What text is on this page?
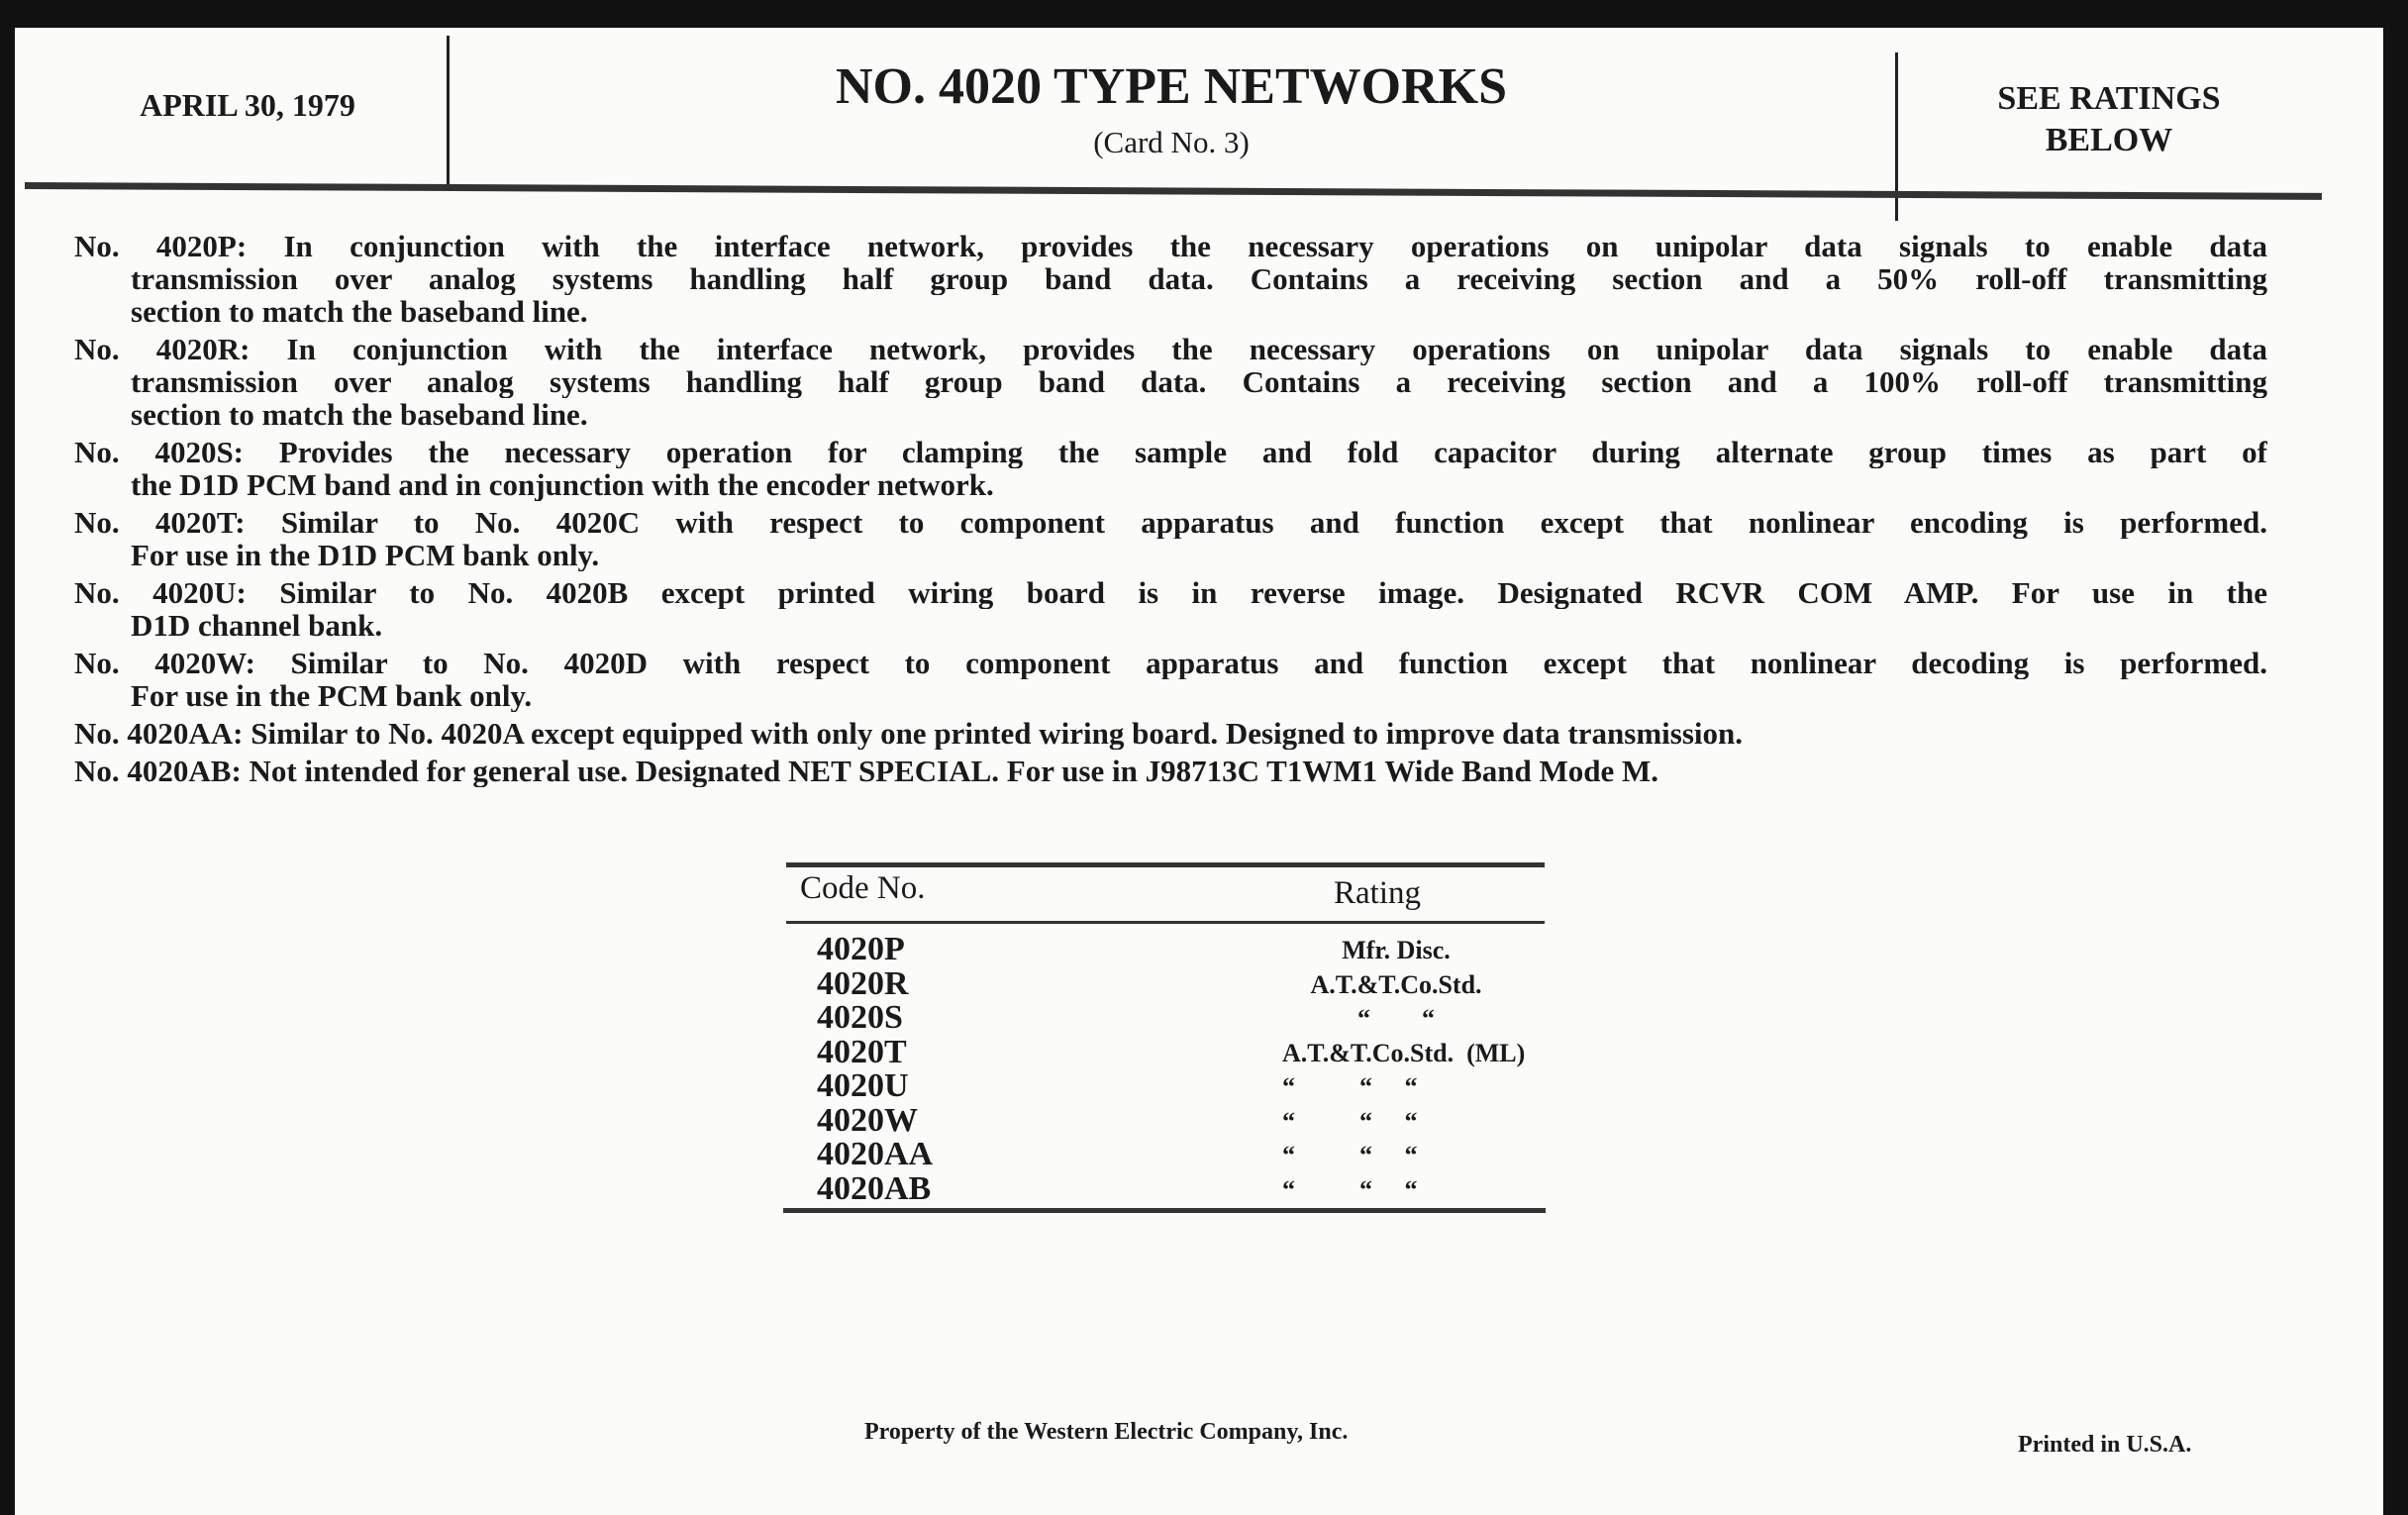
APRIL 30, 1979	NO. 4020 TYPE NETWORKS
(Card No. 3)
SEE RATINGS
BELOW
No. 4020P: In conjunction with the interface network, provides the necessary operations on unipolar data signals to enable data
transmission over analog systems handling half group band data. Contains a receiving section and a 50% roll-off transmitting
section to match the baseband line.
No. 4020R: In conjunction with the interface network, provides the necessary operations on unipolar data signals to enable data
transmission over analog systems handling half group band data. Contains a receiving section and a 100% roll-off transmitting
section to match the baseband line.
No. 4020S: Provides the necessary operation for clamping the sample and fold capacitor during alternate group times as part of
the D1D PCM band and in conjunction with the encoder network.
No. 4020T: Similar to No. 4020C with respect to component apparatus and function except that nonlinear encoding is performed.
For use in the D1D PCM bank only.
No. 4020U: Similar to No. 4020B except printed wiring board is in reverse image. Designated RCVR COM AMP. For use in the
D1D channel bank.
No. 4020W: Similar to No. 4020D with respect to component apparatus and function except that nonlinear decoding is performed.
For use in the PCM bank only.
No. 4020AA: Similar to No. 4020A except equipped with only one printed wiring board. Designed to improve data transmission.
No. 4020AB: Not intended for general use. Designated NET SPECIAL. For use in J98713C T1WM1 Wide Band Mode M.
Code No.	Rating
4020P	Mfr. Disc.
4020R	A.T.&T.Co.Std.
4020S	“        “
4020T	A.T.&T.Co.Std.  (ML)
4020U	“          “     “
4020W	“          “     “
4020AA	“          “     “
4020AB	“          “     “
Property of the Western Electric Company, Inc.	Printed in U.S.A.
